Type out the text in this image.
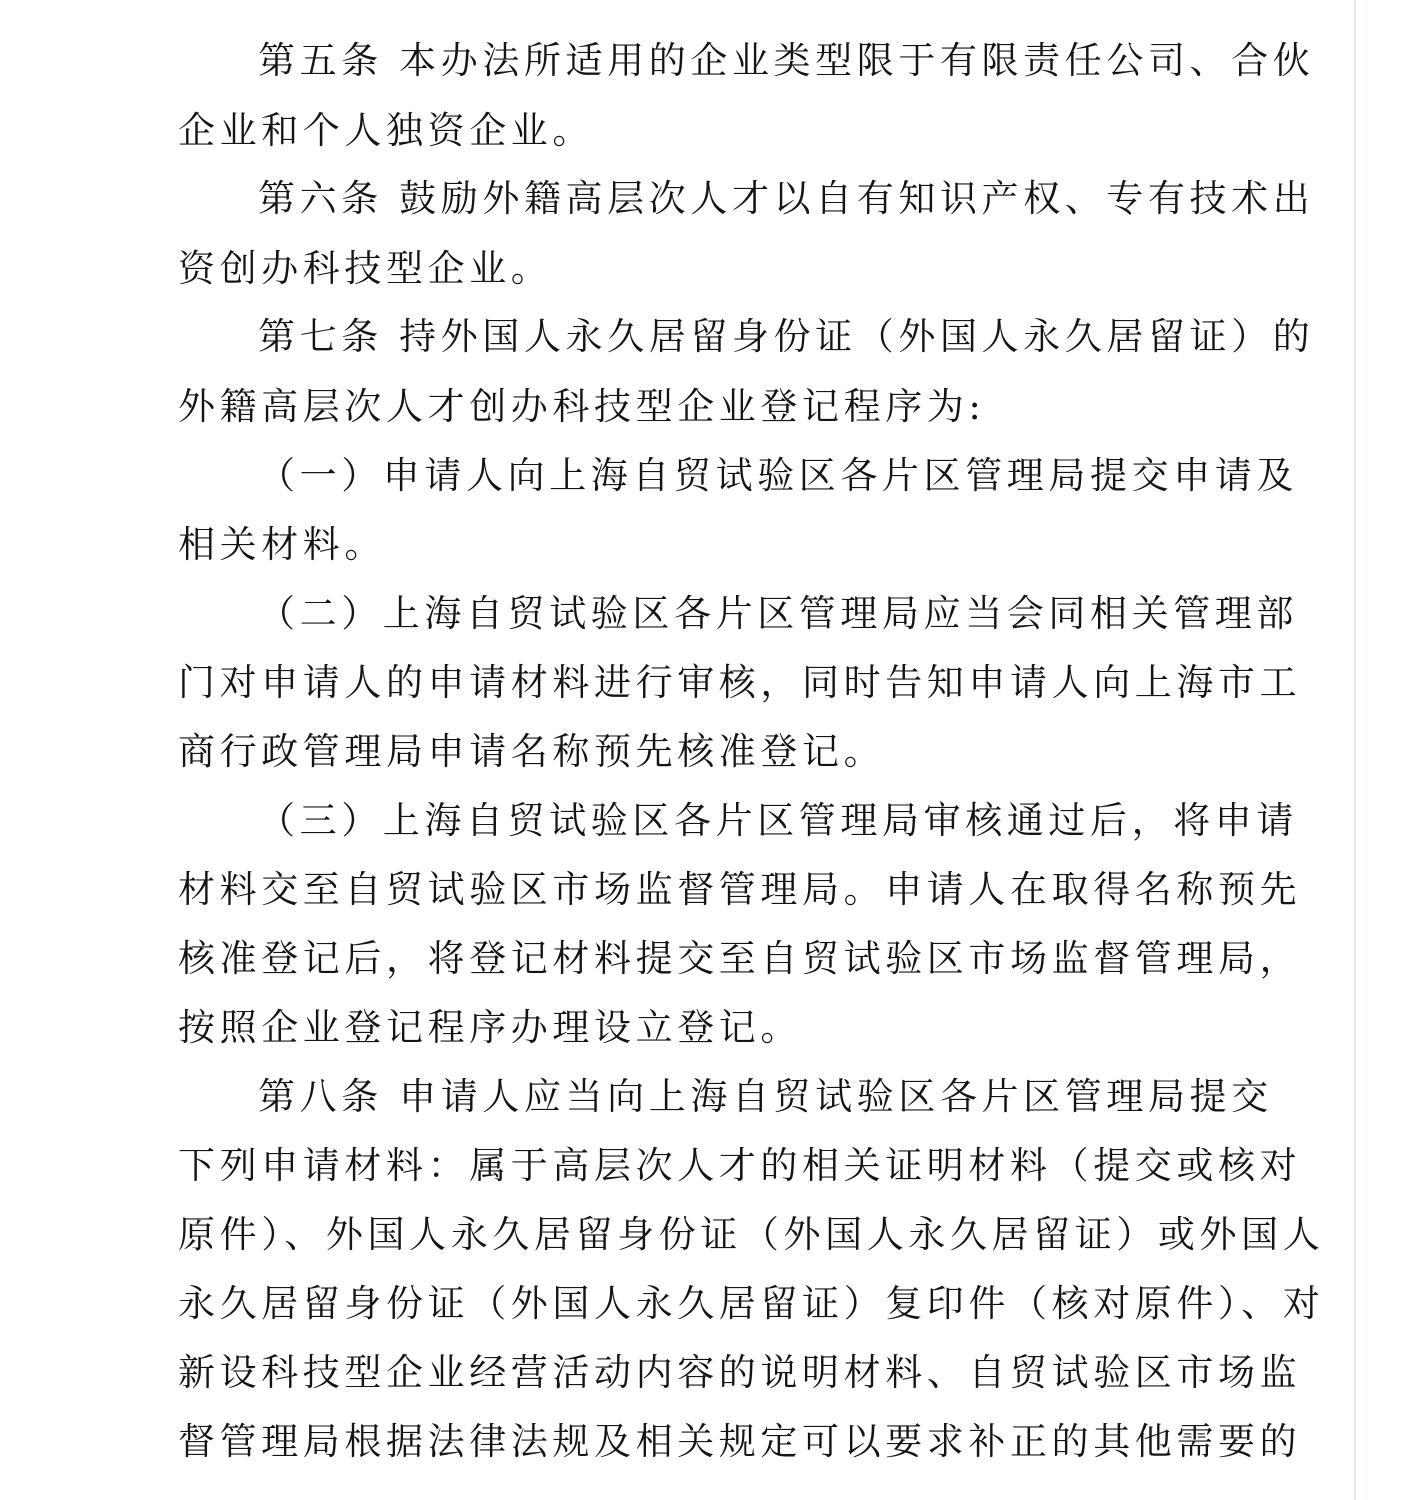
第五条 本办法所适用的企业类型限于有限责任公司、合伙
企业和个人独资企业。
第六条 鼓励外籍高层次人才以自有知识产权、专有技术出
资创办科技型企业。
第七条 持外国人永久居留身份证（外国人永久居留证）的
外籍高层次人才创办科技型企业登记程序为:
（一）申请人向上海自贸试验区各片区管理局提交申请及
相关材料。
（二）上海自贸试验区各片区管理局应当会同相关管理部
门对申请人的申请材料进行审核，同时告知申请人向上海市工
商行政管理局申请名称预先核准登记。
（三）上海自贸试验区各片区管理局审核通过后，将申请
材料交至自贸试验区市场监督管理局。申请人在取得名称预先
核准登记后，将登记材料提交至自贸试验区市场监督管理局，
按照企业登记程序办理设立登记。
第八条 申请人应当向上海自贸试验区各片区管理局提交
下列申请材料：属于高层次人才的相关证明材料（提交或核对
原件）、外国人永久居留身份证（外国人永久居留证）或外国人
永久居留身份证（外国人永久居留证）复印件（核对原件）、对
新设科技型企业经营活动内容的说明材料、自贸试验区市场监
督管理局根据法律法规及相关规定可以要求补正的其他需要的
